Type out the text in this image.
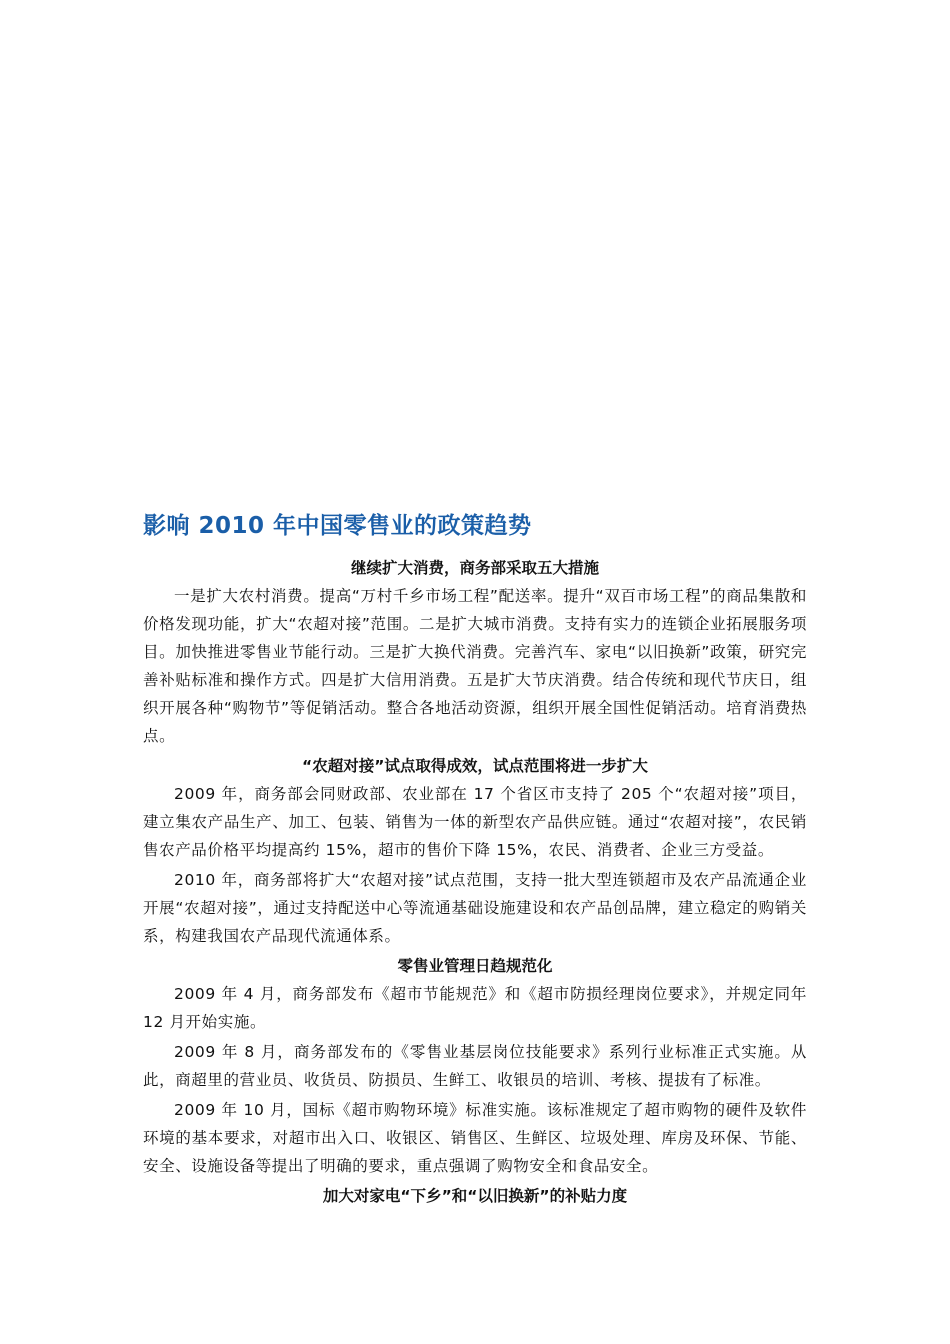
影响 2010 年中国零售业的政策趋势
继续扩大消费，商务部采取五大措施

一是扩大农村消费。提高“万村千乡市场工程”配送率。提升“双百市场工程”的商品集散和价格发现功能，扩大“农超对接”范围。二是扩大城市消费。支持有实力的连锁企业拓展服务项目。加快推进零售业节能行动。三是扩大换代消费。完善汽车、家电“以旧换新”政策，研究完善补贴标准和操作方式。四是扩大信用消费。五是扩大节庆消费。结合传统和现代节庆日，组织开展各种“购物节”等促销活动。整合各地活动资源，组织开展全国性促销活动。培育消费热点。

“农超对接”试点取得成效，试点范围将进一步扩大

2009 年，商务部会同财政部、农业部在 17 个省区市支持了 205 个“农超对接”项目，建立集农产品生产、加工、包装、销售为一体的新型农产品供应链。通过“农超对接”，农民销售农产品价格平均提高约 15%，超市的售价下降 15%，农民、消费者、企业三方受益。

2010 年，商务部将扩大“农超对接”试点范围，支持一批大型连锁超市及农产品流通企业开展“农超对接”，通过支持配送中心等流通基础设施建设和农产品创品牌，建立稳定的购销关系，构建我国农产品现代流通体系。

零售业管理日趋规范化

2009 年 4 月，商务部发布《超市节能规范》和《超市防损经理岗位要求》，并规定同年 12 月开始实施。

2009 年 8 月，商务部发布的《零售业基层岗位技能要求》系列行业标准正式实施。从此，商超里的营业员、收货员、防损员、生鲜工、收银员的培训、考核、提拔有了标准。

2009 年 10 月，国标《超市购物环境》标准实施。该标准规定了超市购物的硬件及软件环境的基本要求，对超市出入口、收银区、销售区、生鲜区、垃圾处理、库房及环保、节能、安全、设施设备等提出了明确的要求，重点强调了购物安全和食品安全。

加大对家电“下乡”和“以旧换新”的补贴力度
